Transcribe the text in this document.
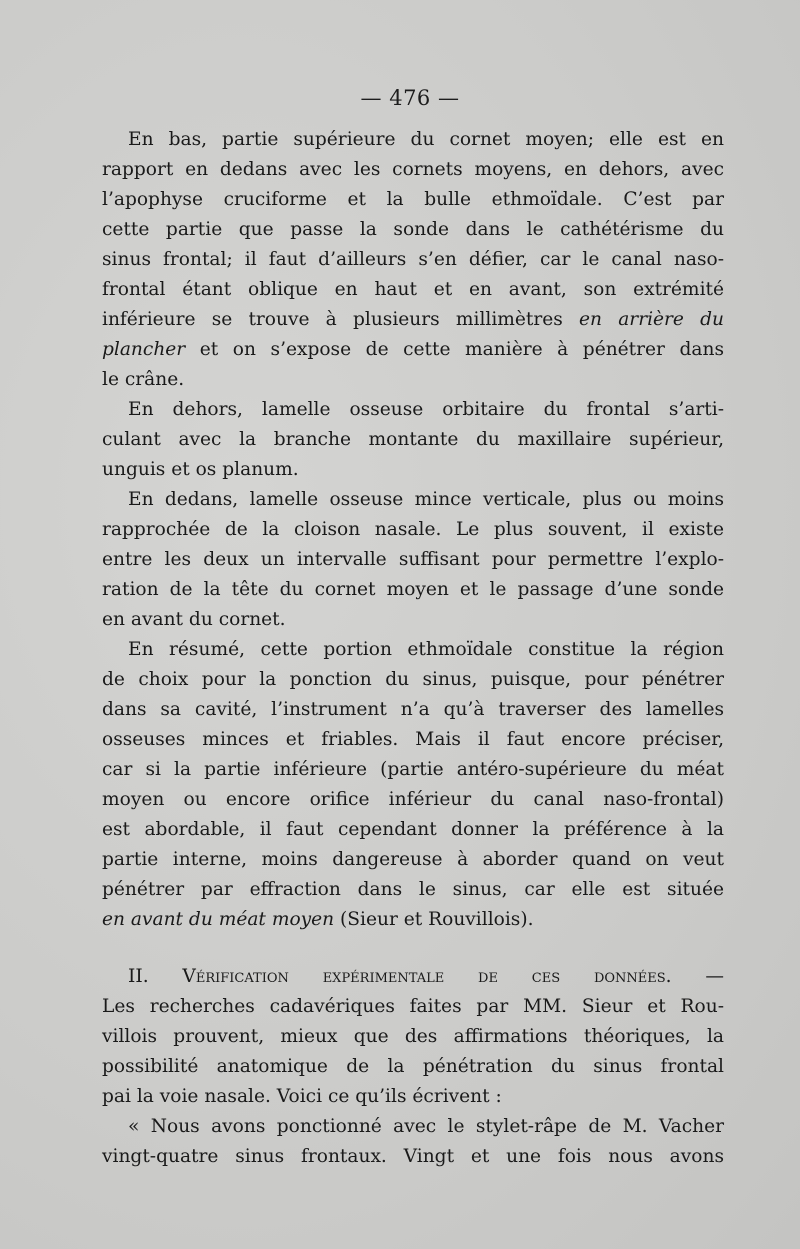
— 476 —
En bas, partie supérieure du cornet moyen; elle est en
rapport en dedans avec les cornets moyens, en dehors, avec
l’apophyse cruciforme et la bulle ethmoïdale. C’est par
cette partie que passe la sonde dans le cathétérisme du
sinus frontal; il faut d’ailleurs s’en défier, car le canal naso-
frontal étant oblique en haut et en avant, son extrémité
inférieure se trouve à plusieurs millimètres en arrière du
plancher et on s’expose de cette manière à pénétrer dans
le crâne.
En dehors, lamelle osseuse orbitaire du frontal s’arti-
culant avec la branche montante du maxillaire supérieur,
unguis et os planum.
En dedans, lamelle osseuse mince verticale, plus ou moins
rapprochée de la cloison nasale. Le plus souvent, il existe
entre les deux un intervalle suffisant pour permettre l’explo-
ration de la tête du cornet moyen et le passage d’une sonde
en avant du cornet.
En résumé, cette portion ethmoïdale constitue la région
de choix pour la ponction du sinus, puisque, pour pénétrer
dans sa cavité, l’instrument n’a qu’à traverser des lamelles
osseuses minces et friables. Mais il faut encore préciser,
car si la partie inférieure (partie antéro-supérieure du méat
moyen ou encore orifice inférieur du canal naso-frontal)
est abordable, il faut cependant donner la préférence à la
partie interne, moins dangereuse à aborder quand on veut
pénétrer par effraction dans le sinus, car elle est située
en avant du méat moyen (Sieur et Rouvillois).
II. Vérification expérimentale de ces données. —
Les recherches cadavériques faites par MM. Sieur et Rou-
villois prouvent, mieux que des affirmations théoriques, la
possibilité anatomique de la pénétration du sinus frontal
pai la voie nasale. Voici ce qu’ils écrivent :
« Nous avons ponctionné avec le stylet-râpe de M. Vacher
vingt-quatre sinus frontaux. Vingt et une fois nous avons
